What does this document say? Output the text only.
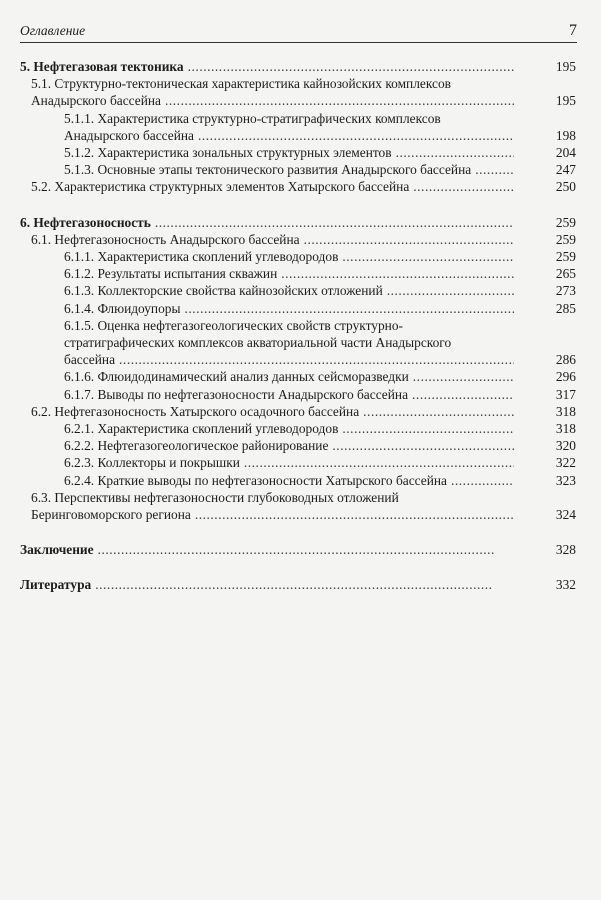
Оглавление	7
5. Нефтегазовая тектоника . . .	195
5.1. Структурно-тектоническая характеристика кайнозойских комплексов
Анадырского бассейна . . .	195
5.1.1. Характеристика структурно-стратиграфических комплексов
Анадырского бассейна . . .	198
5.1.2. Характеристика зональных структурных элементов . . .	204
5.1.3. Основные этапы тектонического развития Анадырского бассейна . . .	247
5.2. Характеристика структурных элементов Хатырского бассейна . . .	250
6. Нефтегазоносность . . .	259
6.1. Нефтегазоносность Анадырского бассейна . . .	259
6.1.1. Характеристика скоплений углеводородов . . .	259
6.1.2. Результаты испытания скважин . . .	265
6.1.3. Коллекторские свойства кайнозойских отложений . . .	273
6.1.4. Флюидоупоры . . .	285
6.1.5. Оценка нефтегазогеологических свойств структурно-
стратиграфических комплексов акваториальной части Анадырского
бассейна . . .	286
6.1.6. Флюидодинамический анализ данных сейсморазведки . . .	296
6.1.7. Выводы по нефтегазоносности Анадырского бассейна . . .	317
6.2. Нефтегазоносность Хатырского осадочного бассейна . . .	318
6.2.1. Характеристика скоплений углеводородов . . .	318
6.2.2. Нефтегазогеологическое районирование . . .	320
6.2.3. Коллекторы и покрышки . . .	322
6.2.4. Краткие выводы по нефтегазоносности Хатырского бассейна . . .	323
6.3. Перспективы нефтегазоносности глубоководных отложений
Беринговоморского региона . . .	324
Заключение . . .	328
Литература . . .	332
